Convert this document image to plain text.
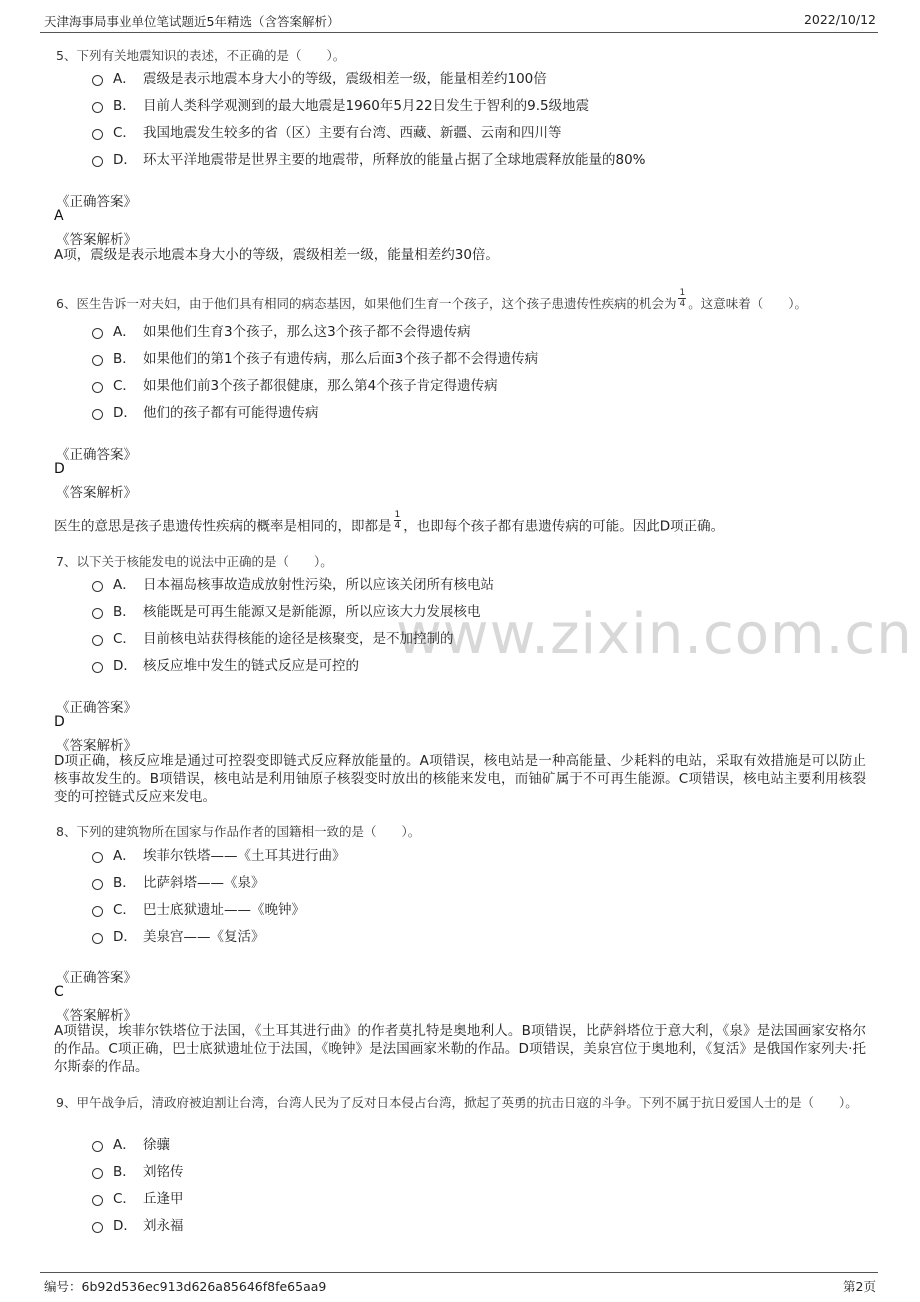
天津海事局事业单位笔试题近5年精选（含答案解析）	2022/10/12
www.zixin.com.cn
5、下列有关地震知识的表述，不正确的是（　　）。
A． 震级是表示地震本身大小的等级，震级相差一级，能量相差约100倍
B． 目前人类科学观测到的最大地震是1960年5月22日发生于智利的9.5级地震
C． 我国地震发生较多的省（区）主要有台湾、西藏、新疆、云南和四川等
D． 环太平洋地震带是世界主要的地震带，所释放的能量占据了全球地震释放能量的80%
《正确答案》
A
《答案解析》
A项，震级是表示地震本身大小的等级，震级相差一级，能量相差约30倍。
6、医生告诉一对夫妇，由于他们具有相同的病态基因，如果他们生育一个孩子，这个孩子患遗传性疾病的机会为 $\frac{1}{4}$ 。这意味着（　　）。
A． 如果他们生育3个孩子，那么这3个孩子都不会得遗传病
B． 如果他们的第1个孩子有遗传病，那么后面3个孩子都不会得遗传病
C． 如果他们前3个孩子都很健康，那么第4个孩子肯定得遗传病
D． 他们的孩子都有可能得遗传病
《正确答案》
D
《答案解析》
医生的意思是孩子患遗传性疾病的概率是相同的，即都是 $\frac{1}{4}$ ，也即每个孩子都有患遗传病的可能。因此D项正确。
7、以下关于核能发电的说法中正确的是（　　）。
A． 日本福岛核事故造成放射性污染，所以应该关闭所有核电站
B． 核能既是可再生能源又是新能源，所以应该大力发展核电
C． 目前核电站获得核能的途径是核聚变，是不加控制的
D． 核反应堆中发生的链式反应是可控的
《正确答案》
D
《答案解析》
D项正确，核反应堆是通过可控裂变即链式反应释放能量的。A项错误，核电站是一种高能量、少耗料的电站，采取有效措施是可以防止核事故发生的。B项错误，核电站是利用铀原子核裂变时放出的核能来发电，而铀矿属于不可再生能源。C项错误，核电站主要利用核裂变的可控链式反应来发电。
8、下列的建筑物所在国家与作品作者的国籍相一致的是（　　）。
A． 埃菲尔铁塔——《土耳其进行曲》
B． 比萨斜塔——《泉》
C． 巴士底狱遗址——《晚钟》
D． 美泉宫——《复活》
《正确答案》
C
《答案解析》
A项错误，埃菲尔铁塔位于法国，《土耳其进行曲》的作者莫扎特是奥地利人。B项错误，比萨斜塔位于意大利，《泉》是法国画家安格尔的作品。C项正确，巴士底狱遗址位于法国，《晚钟》是法国画家米勒的作品。D项错误，美泉宫位于奥地利，《复活》是俄国作家列夫·托尔斯泰的作品。
9、甲午战争后，清政府被迫割让台湾，台湾人民为了反对日本侵占台湾，掀起了英勇的抗击日寇的斗争。下列不属于抗日爱国人士的是（　　）。
A． 徐骧
B． 刘铭传
C． 丘逢甲
D． 刘永福
编号：6b92d536ec913d626a85646f8fe65aa9	第2页
